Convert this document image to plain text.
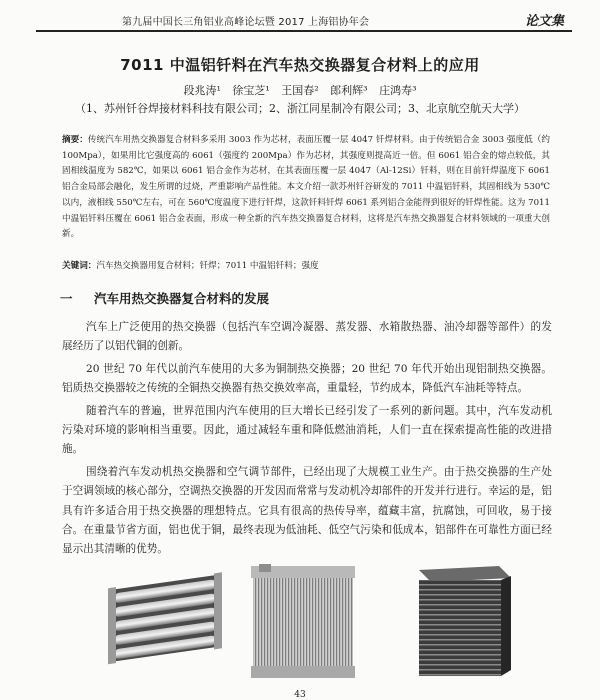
第九届中国长三角铝业高峰论坛暨 2017 上海铝协年会	论文集
7011 中温铝钎料在汽车热交换器复合材料上的应用
段兆涛¹ 徐宝芝¹ 王国春² 郎利辉³ 庄鸿寿³
（1、苏州钎谷焊接材料科技有限公司；2、浙江同星制冷有限公司；3、北京航空航天大学）
摘要：传统汽车用热交换器复合材料多采用 3003 作为芯材，表面压覆一层 4047 钎焊材料。由于传统铝合金 3003 强度低（约 100Mpa），如果用比它强度高的 6061（强度约 200Mpa）作为芯材，其强度则提高近一倍。但 6061 铝合金的熔点较低，其固相线温度为 582℃，如果以 6061 铝合金作为芯材，在其表面压覆一层 4047（Al-12Si）钎料，则在目前钎焊温度下 6061 铝合金局部会融化，发生所谓的过烧，严重影响产品性能。本文介绍一款苏州钎谷研发的 7011 中温铝钎料，其固相线为 530℃以内，液相线 550℃左右，可在 560℃度温度下进行钎焊，这款钎料钎焊 6061 系列铝合金能得到很好的钎焊性能。这为 7011 中温铝钎料压覆在 6061 铝合金表面，形成一种全新的汽车热交换器复合材料，这将是汽车热交换器复合材料领域的一项重大创新。
关键词：汽车热交换器用复合材料；钎焊；7011 中温铝钎料；强度
一 汽车用热交换器复合材料的发展

汽车上广泛使用的热交换器（包括汽车空调冷凝器、蒸发器、水箱散热器、油冷却器等部件）的发展经历了以铝代铜的创新。

20 世纪 70 年代以前汽车使用的大多为铜制热交换器；20 世纪 70 年代开始出现铝制热交换器。铝质热交换器较之传统的全铜热交换器有热交换效率高，重量轻，节约成本，降低汽车油耗等特点。

随着汽车的普遍，世界范围内汽车使用的巨大增长已经引发了一系列的新问题。其中，汽车发动机污染对环境的影响相当重要。因此，通过减轻车重和降低燃油消耗，人们一直在探索提高性能的改进措施。

围绕着汽车发动机热交换器和空气调节部件，已经出现了大规模工业生产。由于热交换器的生产处于空调领域的核心部分，空调热交换器的开发因而常常与发动机冷却部件的开发并行进行。幸运的是，铝具有许多适合用于热交换器的理想特点。它具有很高的热传导率，蕴藏丰富，抗腐蚀，可回收，易于接合。在重量节省方面，铝也优于铜，最终表现为低油耗、低空气污染和低成本，铝部件在可靠性方面已经显示出其清晰的优势。

43
